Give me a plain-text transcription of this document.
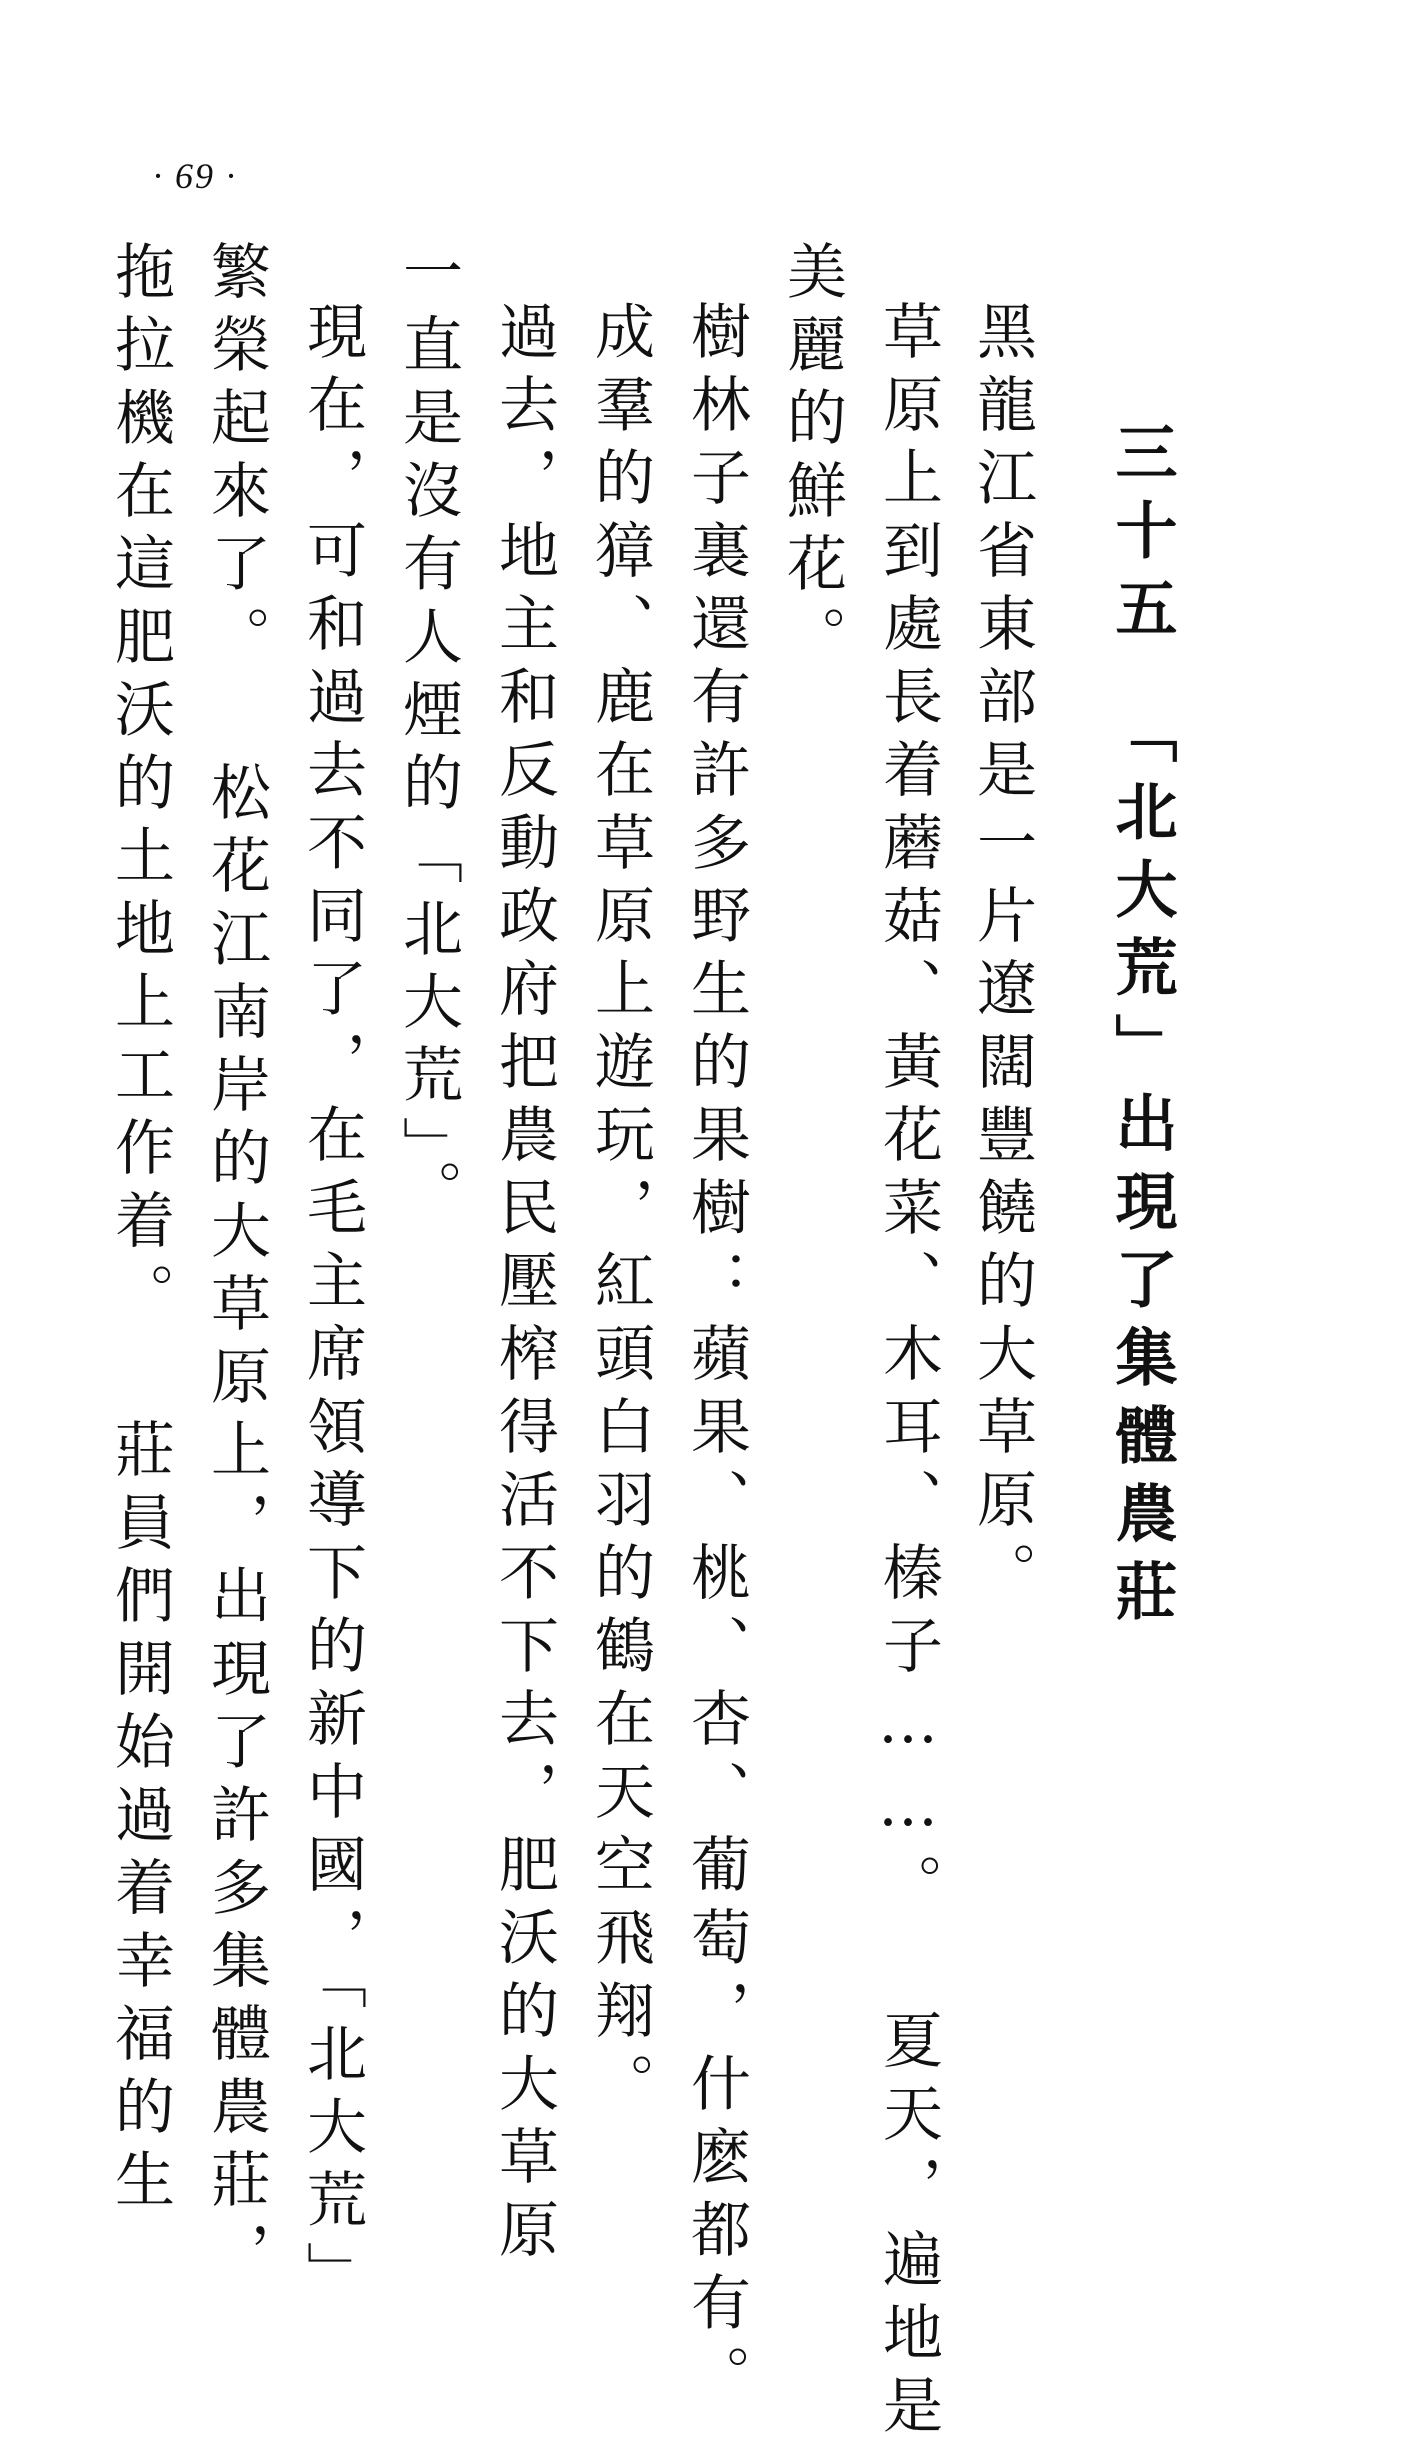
· 69 ·
三十五　「北大荒」出現了集體農莊
黑龍江省東部是一片遼闊豐饒的大草原。
草原上到處長着蘑菇、黃花菜、木耳、榛子……。 夏天，遍地是
美麗的鮮花。
樹林子裏還有許多野生的果樹：蘋果、桃、杏、葡萄，什麽都有。
成羣的獐、鹿在草原上遊玩，紅頭白羽的鶴在天空飛翔。
過去，地主和反動政府把農民壓榨得活不下去，肥沃的大草原
一直是沒有人煙的「北大荒」。
現在，可和過去不同了，在毛主席領導下的新中國，「北大荒」
繁榮起來了。 松花江南岸的大草原上，出現了許多集體農莊，
拖拉機在這肥沃的土地上工作着。 莊員們開始過着幸福的生
